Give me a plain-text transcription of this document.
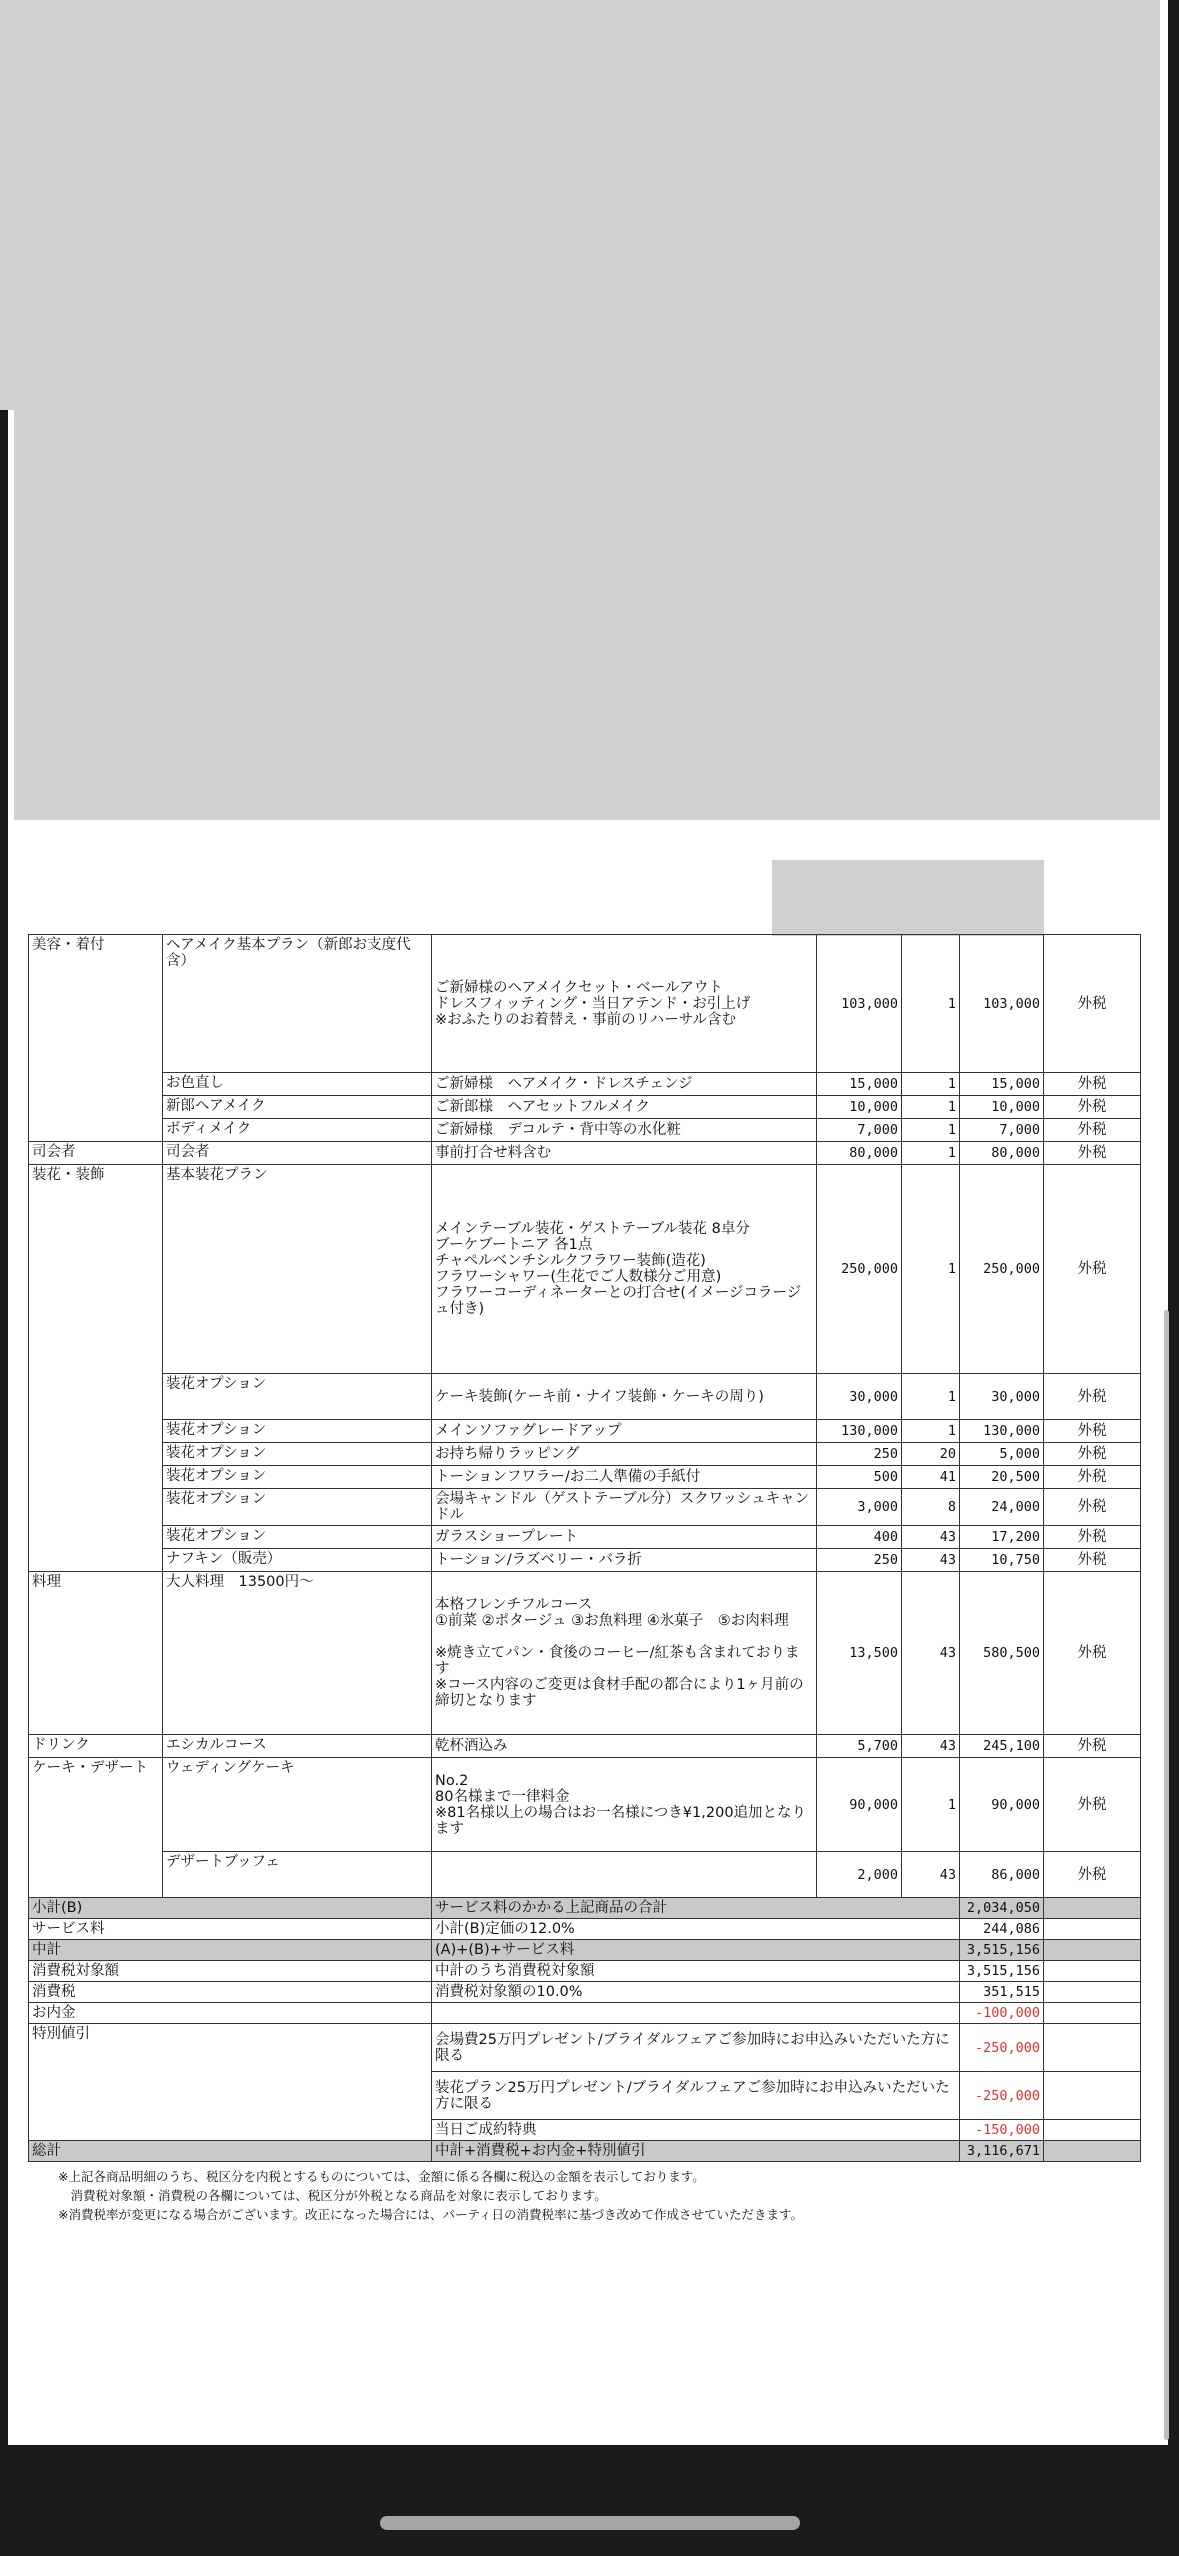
美容・着付	ヘアメイク基本プラン（新郎お支度代含）	ご新婦様のヘアメイクセット・ベールアウト
ドレスフィッティング・当日アテンド・お引上げ
※おふたりのお着替え・事前のリハーサル含む	103,000	1	103,000	外税
	お色直し	ご新婦様　ヘアメイク・ドレスチェンジ	15,000	1	15,000	外税
	新郎ヘアメイク	ご新郎様　ヘアセットフルメイク	10,000	1	10,000	外税
	ボディメイク	ご新婦様　デコルテ・背中等の水化粧	7,000	1	7,000	外税
司会者	司会者	事前打合せ料含む	80,000	1	80,000	外税
装花・装飾	基本装花プラン	メインテーブル装花・ゲストテーブル装花 8卓分
ブーケブートニア 各1点
チャペルベンチシルクフラワー装飾(造花)
フラワーシャワー(生花でご人数様分ご用意)
フラワーコーディネーターとの打合せ(イメージコラージュ付き)	250,000	1	250,000	外税
	装花オプション	ケーキ装飾(ケーキ前・ナイフ装飾・ケーキの周り)	30,000	1	30,000	外税
	装花オプション	メインソファグレードアップ	130,000	1	130,000	外税
	装花オプション	お持ち帰りラッピング	250	20	5,000	外税
	装花オプション	トーションフワラー/お二人準備の手紙付	500	41	20,500	外税
	装花オプション	会場キャンドル（ゲストテーブル分）スクワッシュキャンドル	3,000	8	24,000	外税
	装花オプション	ガラスショープレート	400	43	17,200	外税
	ナフキン（販売）	トーション/ラズベリー・バラ折	250	43	10,750	外税
料理	大人料理　13500円〜	本格フレンチフルコース
①前菜 ②ポタージュ ③お魚料理 ④氷菓子　⑤お肉料理

※焼き立てパン・食後のコーヒー/紅茶も含まれております
※コース内容のご変更は食材手配の都合により1ヶ月前の締切となります	13,500	43	580,500	外税
ドリンク	エシカルコース	乾杯酒込み	5,700	43	245,100	外税
ケーキ・デザート	ウェディングケーキ	No.2
80名様まで一律料金
※81名様以上の場合はお一名様につき¥1,200追加となります	90,000	1	90,000	外税
	デザートブッフェ		2,000	43	86,000	外税
小計(B)		サービス料のかかる上記商品の合計			2,034,050	
サービス料		小計(B)定価の12.0%			244,086	
中計		(A)+(B)+サービス料			3,515,156	
消費税対象額		中計のうち消費税対象額			3,515,156	
消費税		消費税対象額の10.0%			351,515	
お内金					-100,000	
特別値引		会場費25万円プレゼント/ブライダルフェアご参加時にお申込みいただいた方に限る			-250,000	
		装花プラン25万円プレゼント/ブライダルフェアご参加時にお申込みいただいた方に限る			-250,000	
		当日ご成約特典			-150,000	
総計		中計+消費税+お内金+特別値引			3,116,671	
※上記各商品明細のうち、税区分を内税とするものについては、金額に係る各欄に税込の金額を表示しております。
　消費税対象額・消費税の各欄については、税区分が外税となる商品を対象に表示しております。
※消費税率が変更になる場合がございます。改正になった場合には、パーティ日の消費税率に基づき改めて作成させていただきます。
